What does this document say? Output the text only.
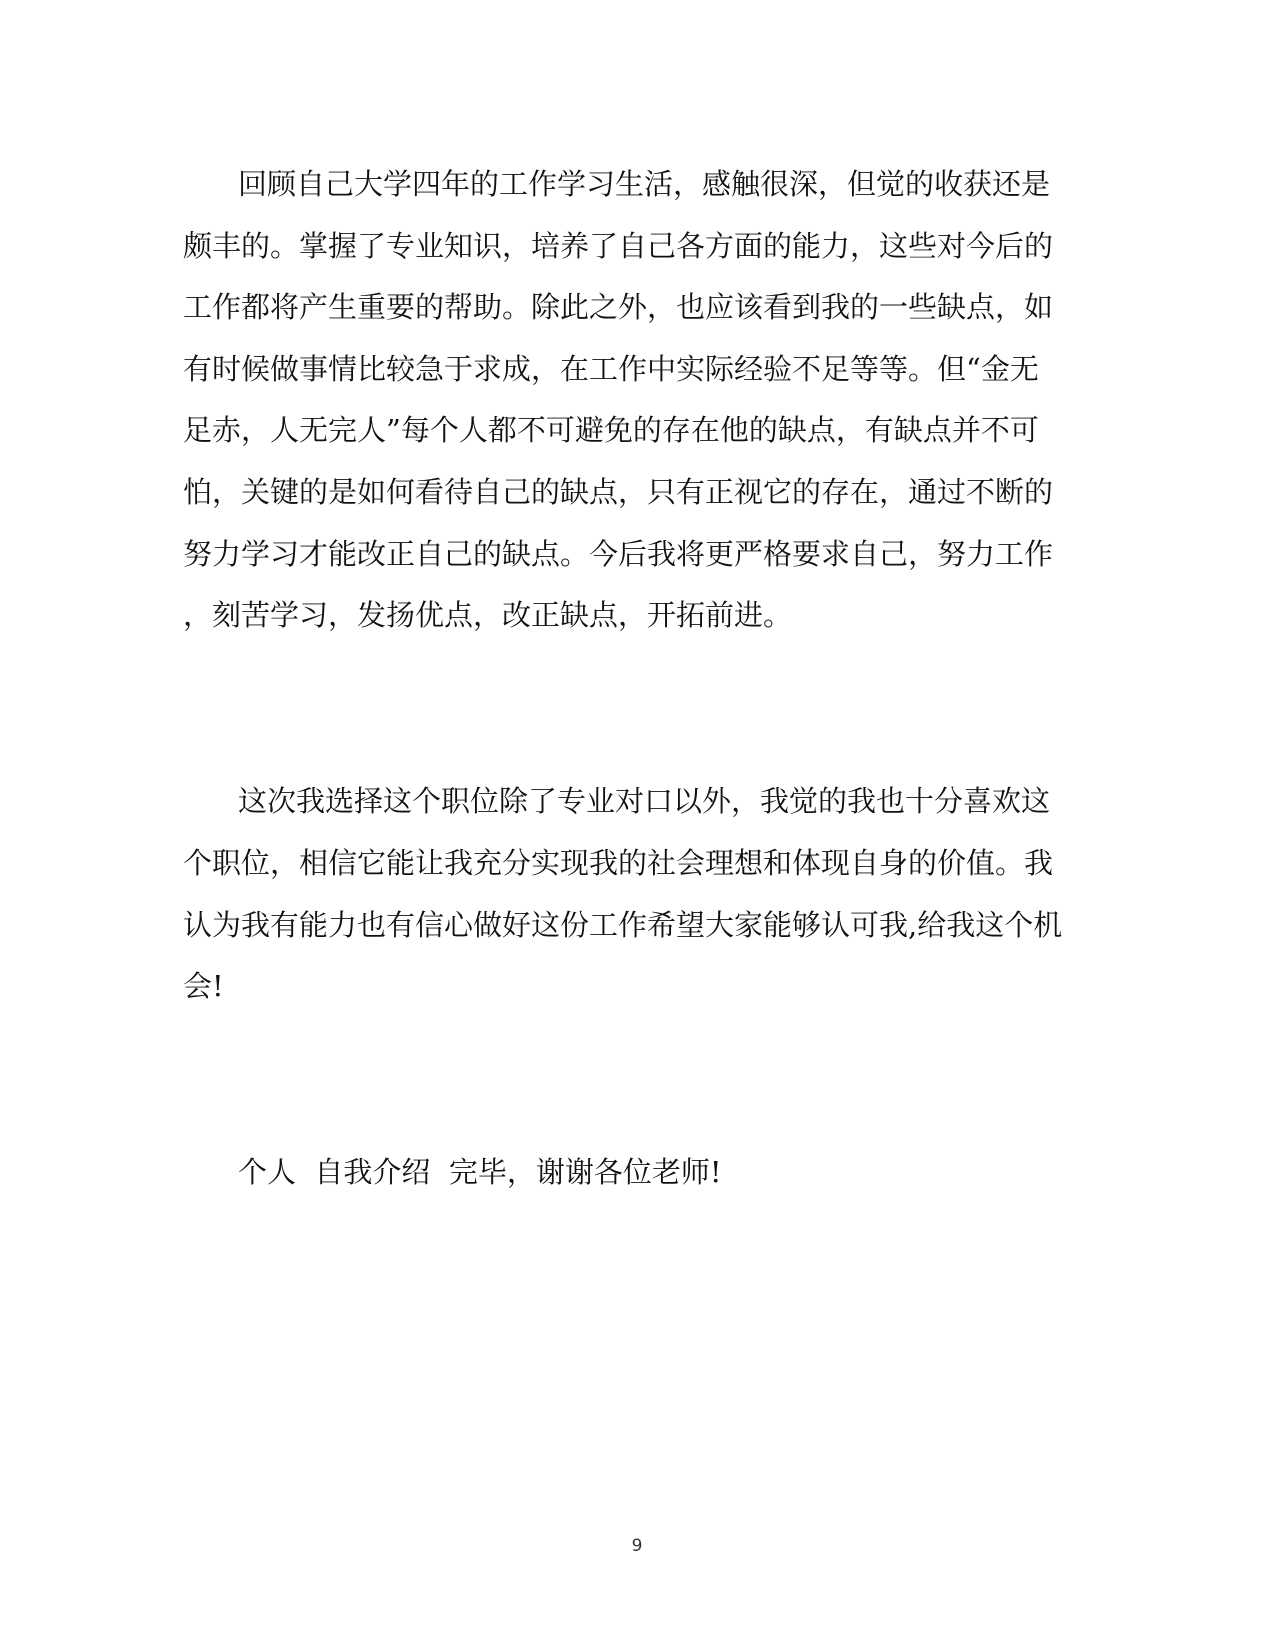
回顾自己大学四年的工作学习生活，感触很深，但觉的收获还是
颇丰的。掌握了专业知识，培养了自己各方面的能力，这些对今后的
工作都将产生重要的帮助。除此之外，也应该看到我的一些缺点，如
有时候做事情比较急于求成，在工作中实际经验不足等等。但“金无
足赤，人无完人”每个人都不可避免的存在他的缺点，有缺点并不可
怕，关键的是如何看待自己的缺点，只有正视它的存在，通过不断的
努力学习才能改正自己的缺点。今后我将更严格要求自己，努力工作
，刻苦学习，发扬优点，改正缺点，开拓前进。
这次我选择这个职位除了专业对口以外，我觉的我也十分喜欢这
个职位，相信它能让我充分实现我的社会理想和体现自身的价值。我
认为我有能力也有信心做好这份工作希望大家能够认可我,给我这个机
会!
个人  自我介绍  完毕，谢谢各位老师!
9
